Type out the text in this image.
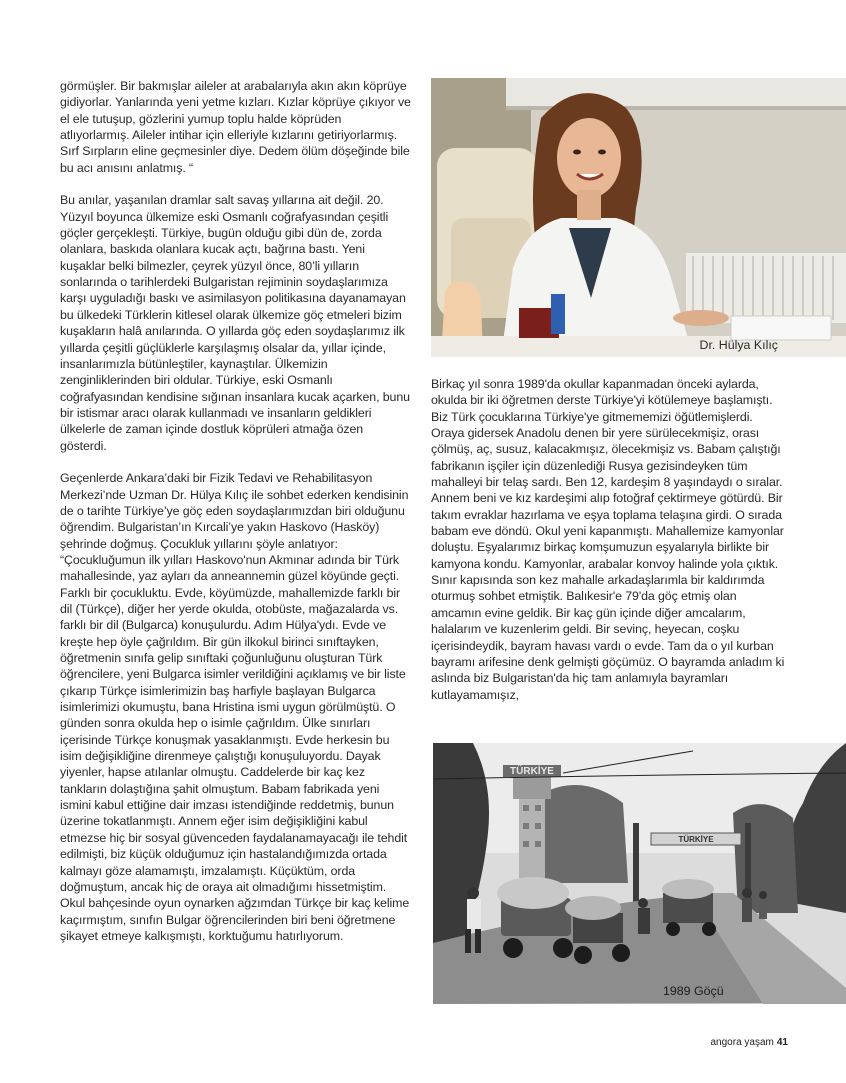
görmüşler. Bir bakmışlar aileler at arabalarıyla akın akın köprüye gidiyorlar. Yanlarında yeni yetme kızları. Kızlar köprüye çıkıyor ve el ele tutuşup, gözlerini yumup toplu halde köprüden atlıyorlarmış. Aileler intihar için elleriyle kızlarını getiriyorlarmış. Sırf Sırpların eline geçmesinler diye. Dedem ölüm döşeğinde bile bu acı anısını anlatmış. “

Bu anılar, yaşanılan dramlar salt savaş yıllarına ait değil. 20. Yüzyıl boyunca ülkemize eski Osmanlı coğrafyasından çeşitli göçler gerçekleşti. Türkiye, bugün olduğu gibi dün de, zorda olanlara, baskıda olanlara kucak açtı, bağrına bastı. Yeni kuşaklar belki bilmezler, çeyrek yüzyıl önce, 80’li yılların sonlarında o tarihlerdeki Bulgaristan rejiminin soydaşlarımıza karşı uyguladığı baskı ve asimilasyon politikasına dayanamayan bu ülkedeki Türklerin kitlesel olarak ülkemize göç etmeleri bizim kuşakların halâ anılarında. O yıllarda göç eden soydaşlarımız ilk yıllarda çeşitli güçlüklerle karşılaşmış olsalar da, yıllar içinde, insanlarımızla bütünleştiler, kaynaştılar. Ülkemizin zenginliklerinden biri oldular. Türkiye, eski Osmanlı coğrafyasından kendisine sığınan insanlara kucak açarken, bunu bir istismar aracı olarak kullanmadı ve insanların geldikleri ülkelerle de zaman içinde dostluk köprüleri atmağa özen gösterdi.

Geçenlerde Ankara’daki bir Fizik Tedavi ve Rehabilitasyon Merkezi’nde Uzman Dr. Hülya Kılıç ile sohbet ederken kendisinin de o tarihte Türkiye’ye göç eden soydaşlarımızdan biri olduğunu öğrendim. Bulgaristan’ın Kırcali’ye yakın Haskovo (Hasköy) şehrinde doğmuş. Çocukluk yıllarını şöyle anlatıyor: “Çocukluğumun ilk yılları Haskovo'nun Akmınar adında bir Türk mahallesinde, yaz ayları da anneannemin güzel köyünde geçti. Farklı bir çocukluktu. Evde, köyümüzde, mahallemizde farklı bir dil (Türkçe), diğer her yerde okulda, otobüste, mağazalarda vs. farklı bir dil (Bulgarca) konuşulurdu. Adım Hülya'ydı. Evde ve kreşte hep öyle çağrıldım. Bir gün ilkokul birinci sınıftayken, öğretmenin sınıfa gelip sınıftaki çoğunluğunu oluşturan Türk öğrencilere, yeni Bulgarca isimler verildiğini açıklamış ve bir liste çıkarıp Türkçe isimlerimizin baş harfiyle başlayan Bulgarca isimlerimizi okumuştu, bana Hristina ismi uygun görülmüştü. O günden sonra okulda hep o isimle çağrıldım. Ülke sınırları içerisinde Türkçe konuşmak yasaklanmıştı. Evde herkesin bu isim değişikliğine direnmeye çalıştığı konuşuluyordu. Dayak yiyenler, hapse atılanlar olmuştu. Caddelerde bir kaç kez tankların dolaştığına şahit olmuştum. Babam fabrikada yeni ismini kabul ettiğine dair imzası istendiğinde reddetmiş, bunun üzerine tokatlanmıştı. Annem eğer isim değişikliğini kabul etmezse hiç bir sosyal güvenceden faydalanamayacağı ile tehdit edilmişti, biz küçük olduğumuz için hastalandığımızda ortada kalmayı göze alamamıştı, imzalamıştı. Küçüktüm, orda doğmuştum, ancak hiç de oraya ait olmadığımı hissetmiştim. Okul bahçesinde oyun oynarken ağzımdan Türkçe bir kaç kelime kaçırmıştım, sınıfın Bulgar öğrencilerinden biri beni öğretmene şikayet etmeye kalkışmıştı, korktuğumu hatırlıyorum.

Dr. Hülya Kılıç

Birkaç yıl sonra 1989'da okullar kapanmadan önceki aylarda, okulda bir iki öğretmen derste Türkiye'yi kötülemeye başlamıştı. Biz Türk çocuklarına Türkiye'ye gitmememizi öğütlemişlerdi. Oraya gidersek Anadolu denen bir yere sürülecekmişiz, orası çölmüş, aç, susuz, kalacakmışız, ölecekmişiz vs. Babam çalıştığı fabrikanın işçiler için düzenlediği Rusya gezisindeyken tüm mahalleyi bir telaş sardı. Ben 12, kardeşim 8 yaşındaydı o sıralar. Annem beni ve kız kardeşimi alıp fotoğraf çektirmeye götürdü. Bir takım evraklar hazırlama ve eşya toplama telaşına girdi. O sırada babam eve döndü. Okul yeni kapanmıştı. Mahallemize kamyonlar doluştu. Eşyalarımız birkaç komşumuzun eşyalarıyla birlikte bir kamyona kondu. Kamyonlar, arabalar konvoy halinde yola çıktık. Sınır kapısında son kez mahalle arkadaşlarımla bir kaldırımda oturmuş sohbet etmiştik. Balıkesir'e 79'da göç etmiş olan amcamın evine geldik. Bir kaç gün içinde diğer amcalarım, halalarım ve kuzenlerim geldi. Bir sevinç, heyecan, coşku içerisindeydik, bayram havası vardı o evde. Tam da o yıl kurban bayramı arifesine denk gelmişti göçümüz. O bayramda anladım ki aslında biz Bulgaristan'da hiç tam anlamıyla bayramları kutlayamamışız,

TÜRKİYE
TÜRKİYE
1989 Göçü
angora yaşam 41
